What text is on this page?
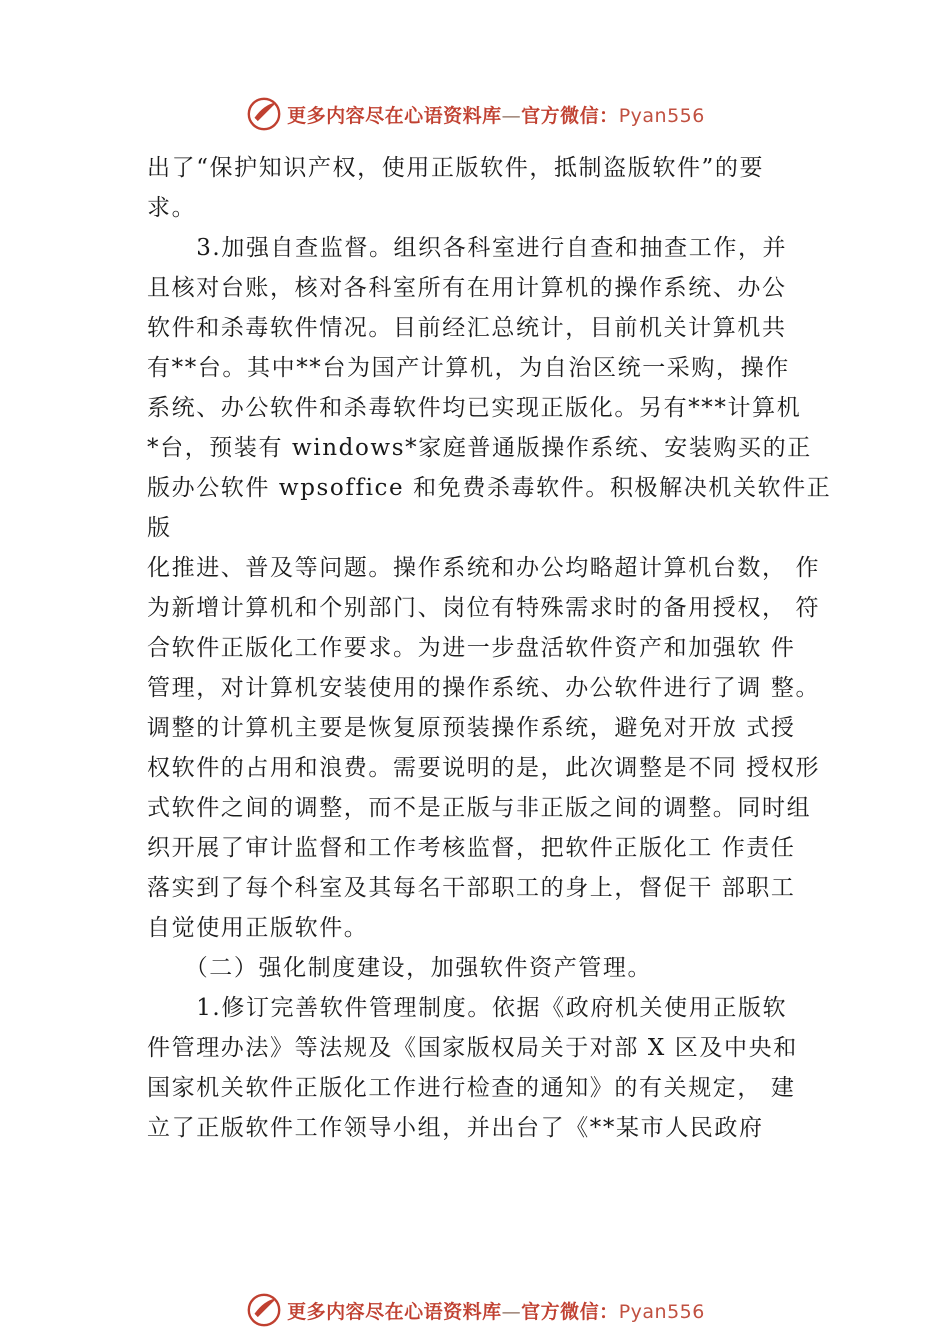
更多内容尽在心语资料库—官方微信：Pyan556

出了“保护知识产权，使用正版软件，抵制盗版软件”的要

求。

　　3.加强自查监督。组织各科室进行自查和抽查工作，并

且核对台账，核对各科室所有在用计算机的操作系统、办公

软件和杀毒软件情况。目前经汇总统计，目前机关计算机共

有**台。其中**台为国产计算机，为自治区统一采购，操作

系统、办公软件和杀毒软件均已实现正版化。另有***计算机

*台，预装有 windows*家庭普通版操作系统、安装购买的正

版办公软件 wpsoffice 和免费杀毒软件。积极解决机关软件正版

化推进、普及等问题。操作系统和办公均略超计算机台数， 作

为新增计算机和个别部门、岗位有特殊需求时的备用授权， 符

合软件正版化工作要求。为进一步盘活软件资产和加强软 件

管理，对计算机安装使用的操作系统、办公软件进行了调 整。

调整的计算机主要是恢复原预装操作系统，避免对开放 式授

权软件的占用和浪费。需要说明的是，此次调整是不同 授权形

式软件之间的调整，而不是正版与非正版之间的调整。同时组

织开展了审计监督和工作考核监督，把软件正版化工 作责任

落实到了每个科室及其每名干部职工的身上，督促干 部职工

自觉使用正版软件。

　　（二）强化制度建设，加强软件资产管理。

　　1.修订完善软件管理制度。依据《政府机关使用正版软

件管理办法》等法规及《国家版权局关于对部 X 区及中央和

国家机关软件正版化工作进行检查的通知》的有关规定， 建

立了正版软件工作领导小组，并出台了《**某市人民政府

更多内容尽在心语资料库—官方微信：Pyan556
